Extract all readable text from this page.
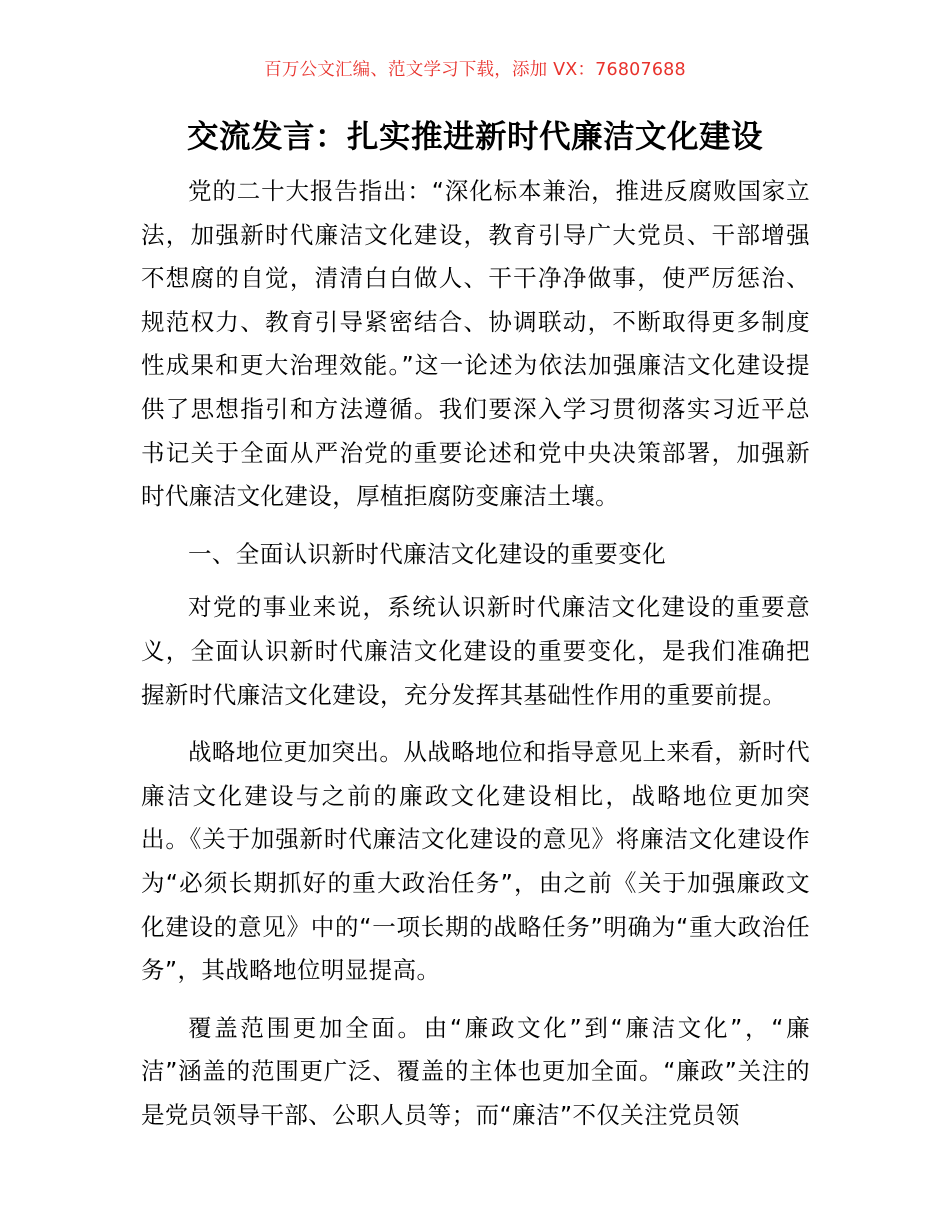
百万公文汇编、范文学习下载，添加 VX：76807688
交流发言：扎实推进新时代廉洁文化建设

党的二十大报告指出：“深化标本兼治，推进反腐败国家立法，加强新时代廉洁文化建设，教育引导广大党员、干部增强不想腐的自觉，清清白白做人、干干净净做事，使严厉惩治、规范权力、教育引导紧密结合、协调联动，不断取得更多制度性成果和更大治理效能。”这一论述为依法加强廉洁文化建设提供了思想指引和方法遵循。我们要深入学习贯彻落实习近平总书记关于全面从严治党的重要论述和党中央决策部署，加强新时代廉洁文化建设，厚植拒腐防变廉洁土壤。

一、全面认识新时代廉洁文化建设的重要变化

对党的事业来说，系统认识新时代廉洁文化建设的重要意义，全面认识新时代廉洁文化建设的重要变化，是我们准确把握新时代廉洁文化建设，充分发挥其基础性作用的重要前提。

战略地位更加突出。从战略地位和指导意见上来看，新时代廉洁文化建设与之前的廉政文化建设相比，战略地位更加突出。《关于加强新时代廉洁文化建设的意见》将廉洁文化建设作为“必须长期抓好的重大政治任务”，由之前《关于加强廉政文化建设的意见》中的“一项长期的战略任务”明确为“重大政治任务”，其战略地位明显提高。

覆盖范围更加全面。由“廉政文化”到“廉洁文化”，“廉洁”涵盖的范围更广泛、覆盖的主体也更加全面。“廉政”关注的是党员领导干部、公职人员等；而“廉洁”不仅关注党员领
